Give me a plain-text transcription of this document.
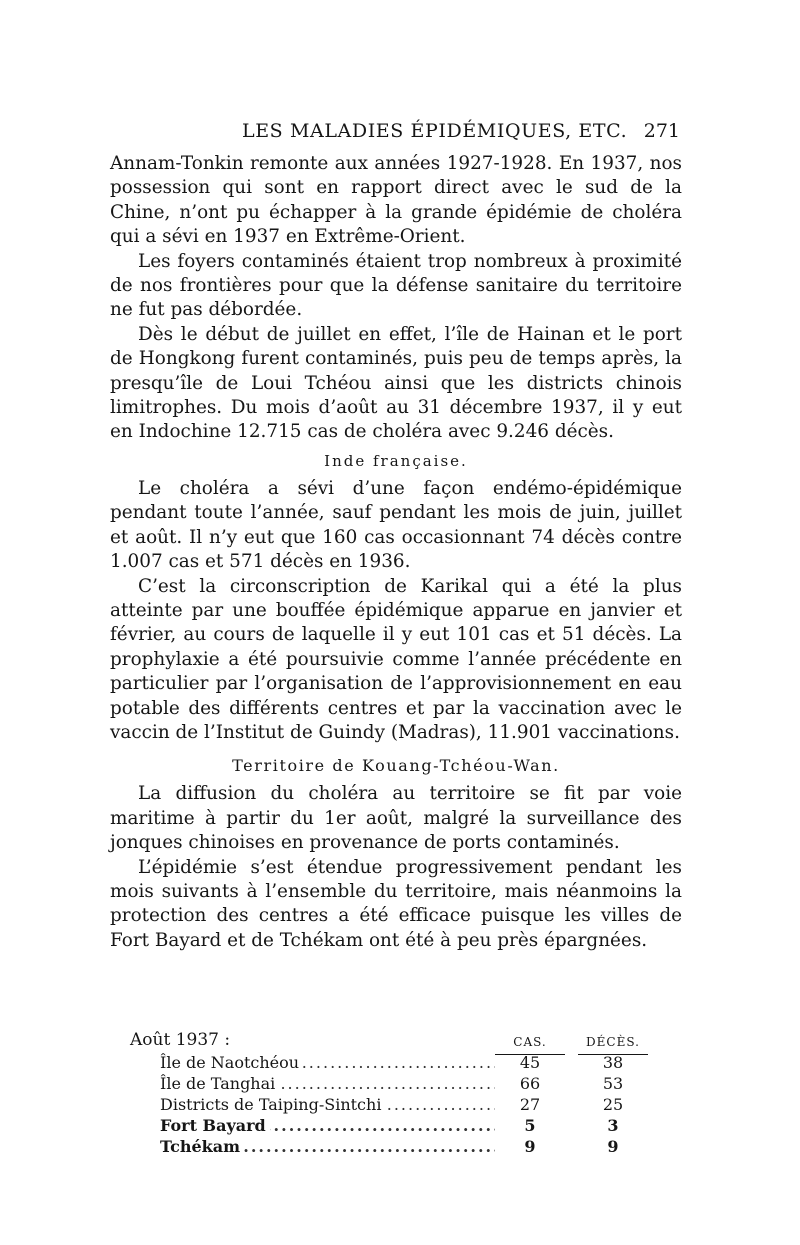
LES MALADIES ÉPIDÉMIQUES, ETC. 271

Annam-Tonkin remonte aux années 1927-1928. En 1937, nos possession qui sont en rapport direct avec le sud de la Chine, n’ont pu échapper à la grande épidémie de choléra qui a sévi en 1937 en Extrême-Orient.

Les foyers contaminés étaient trop nombreux à proximité de nos frontières pour que la défense sanitaire du territoire ne fut pas débordée.

Dès le début de juillet en effet, l’île de Hainan et le port de Hongkong furent contaminés, puis peu de temps après, la presqu’île de Loui Tchéou ainsi que les districts chinois limitrophes. Du mois d’août au 31 décembre 1937, il y eut en Indochine 12.715 cas de choléra avec 9.246 décès.

Inde française.

Le choléra a sévi d’une façon endémo-épidémique pendant toute l’année, sauf pendant les mois de juin, juillet et août. Il n’y eut que 160 cas occasionnant 74 décès contre 1.007 cas et 571 décès en 1936.

C’est la circonscription de Karikal qui a été la plus atteinte par une bouffée épidémique apparue en janvier et février, au cours de laquelle il y eut 101 cas et 51 décès. La prophylaxie a été poursuivie comme l’année précédente en particulier par l’organisation de l’approvisionnement en eau potable des différents centres et par la vaccination avec le vaccin de l’Institut de Guindy (Madras), 11.901 vaccinations.

Territoire de Kouang-Tchéou-Wan.

La diffusion du choléra au territoire se fit par voie maritime à partir du 1er août, malgré la surveillance des jonques chinoises en provenance de ports contaminés.

L’épidémie s’est étendue progressivement pendant les mois suivants à l’ensemble du territoire, mais néanmoins la protection des centres a été efficace puisque les villes de Fort Bayard et de Tchékam ont été à peu près épargnées.

Août 1937 :	CAS.	DÉCÈS.
Île de Naotchéou .....	45	38
Île de Tanghai .....	66	53
Districts de Taiping-Sintchi .....	27	25
Fort Bayard .....	5	3
Tchékam .....	9	9
